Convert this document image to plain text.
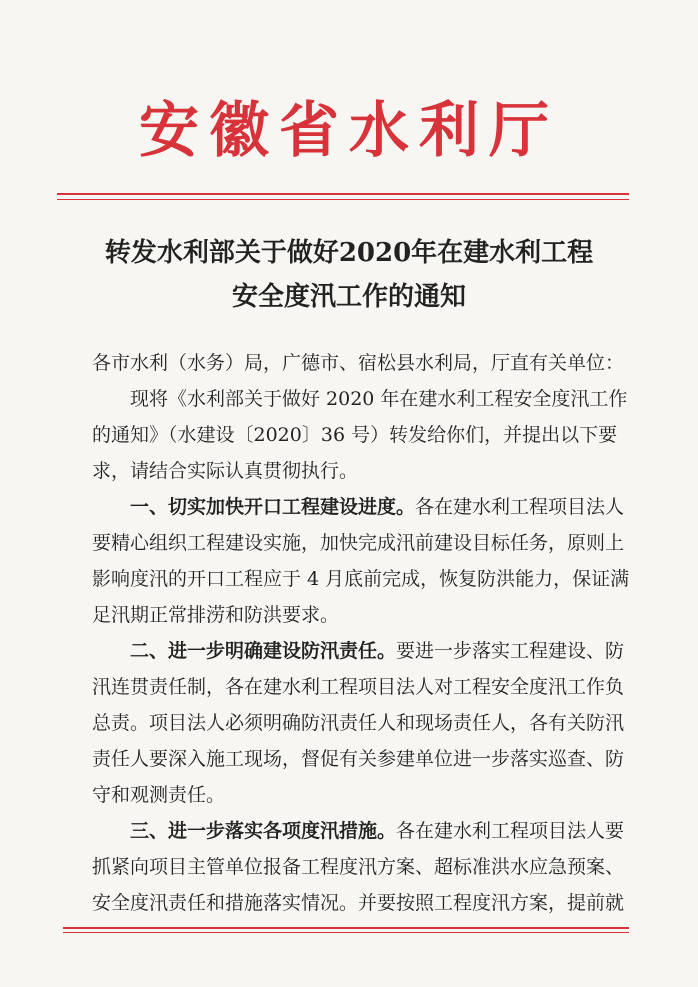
安徽省水利厅
转发水利部关于做好2020年在建水利工程
安全度汛工作的通知
各市水利（水务）局，广德市、宿松县水利局，厅直有关单位：
现将《水利部关于做好 2020 年在建水利工程安全度汛工作
的通知》（水建设〔2020〕36 号）转发给你们，并提出以下要
求，请结合实际认真贯彻执行。
一、切实加快开口工程建设进度。各在建水利工程项目法人
要精心组织工程建设实施，加快完成汛前建设目标任务，原则上
影响度汛的开口工程应于 4 月底前完成，恢复防洪能力，保证满
足汛期正常排涝和防洪要求。
二、进一步明确建设防汛责任。要进一步落实工程建设、防
汛连贯责任制，各在建水利工程项目法人对工程安全度汛工作负
总责。项目法人必须明确防汛责任人和现场责任人，各有关防汛
责任人要深入施工现场，督促有关参建单位进一步落实巡查、防
守和观测责任。
三、进一步落实各项度汛措施。各在建水利工程项目法人要
抓紧向项目主管单位报备工程度汛方案、超标准洪水应急预案、
安全度汛责任和措施落实情况。并要按照工程度汛方案，提前就
